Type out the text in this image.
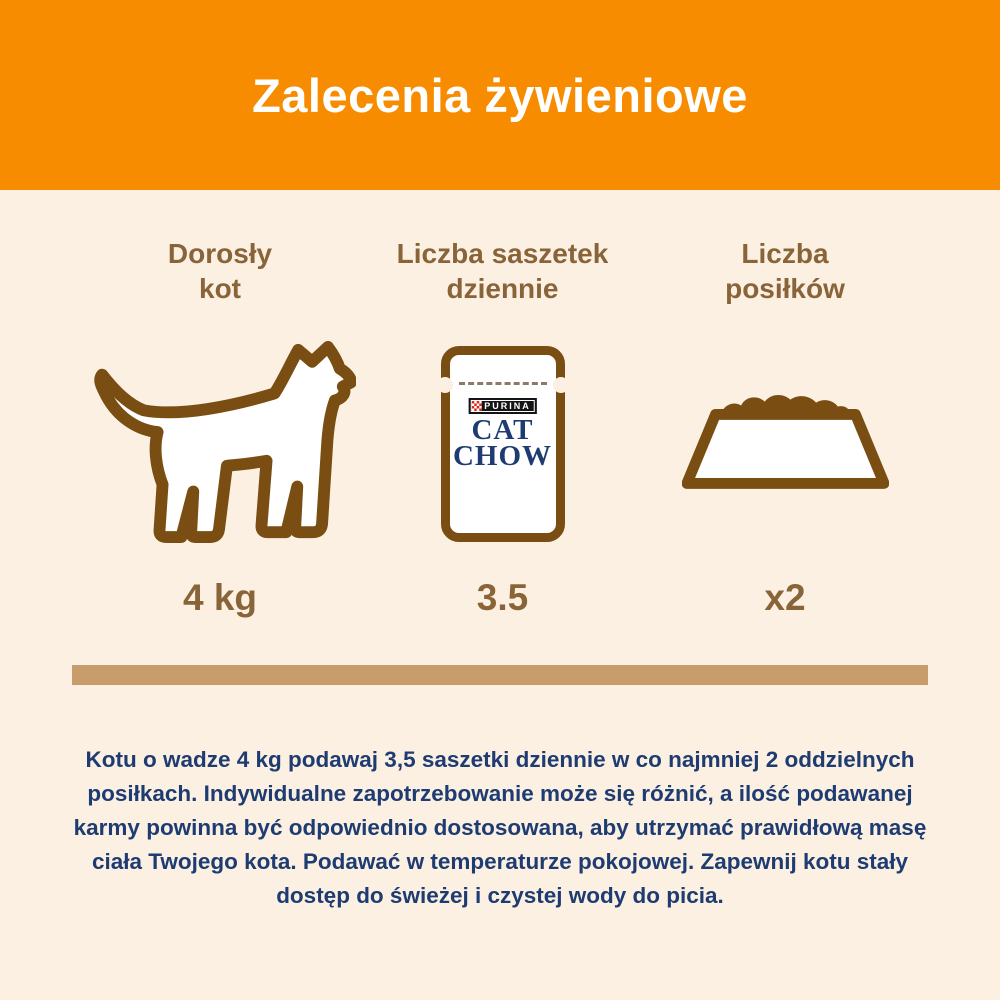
Zalecenia żywieniowe
Dorosły
kot
4 kg
Liczba saszetek
dziennie
PURINA
CAT
CHOW
3.5
Liczba
posiłków
x2

Kotu o wadze 4 kg podawaj 3,5 saszetki dziennie w co najmniej 2 oddzielnych posiłkach. Indywidualne zapotrzebowanie może się różnić, a ilość podawanej karmy powinna być odpowiednio dostosowana, aby utrzymać prawidłową masę ciała Twojego kota. Podawać w temperaturze pokojowej. Zapewnij kotu stały dostęp do świeżej i czystej wody do picia.
